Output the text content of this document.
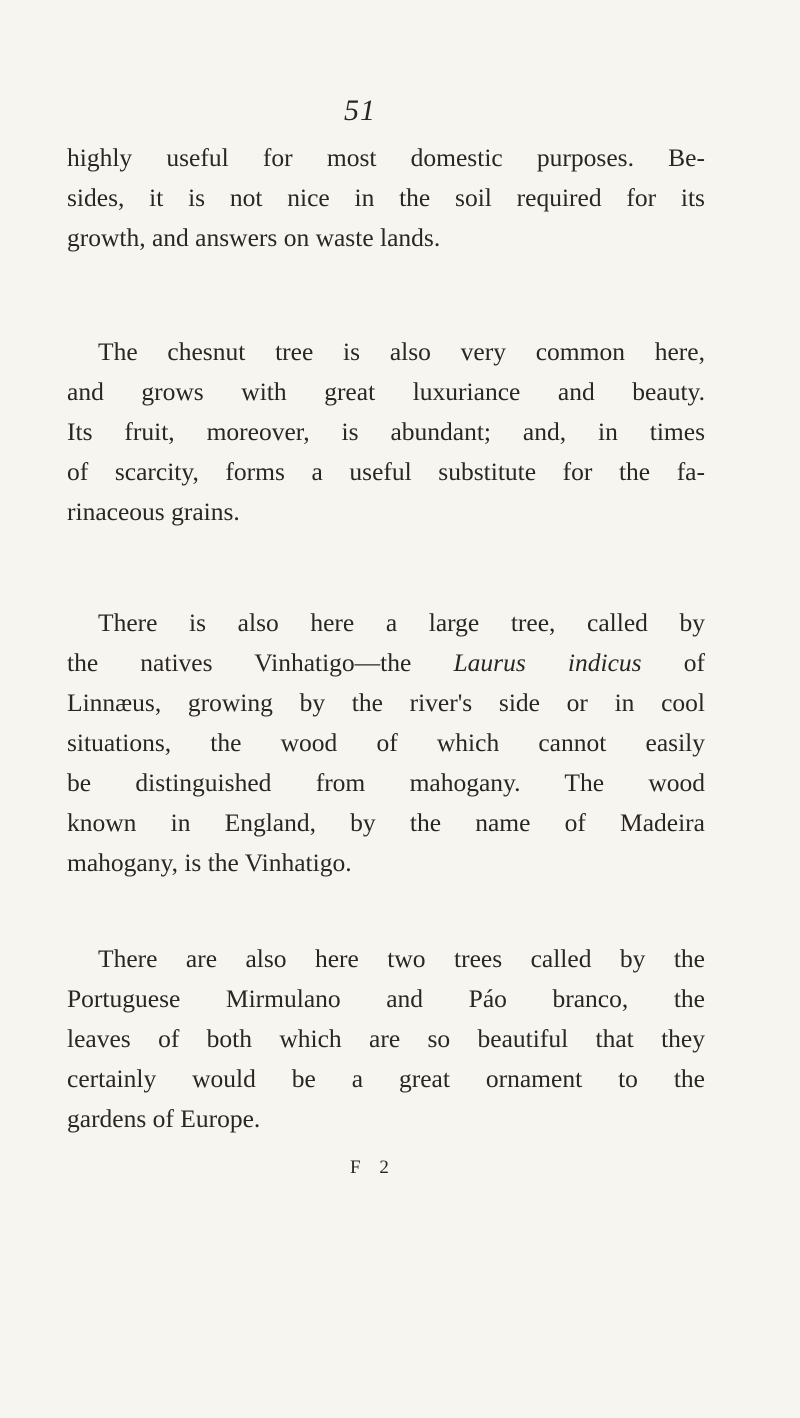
51
highly useful for most domestic purposes. Be-
sides, it is not nice in the soil required for its
growth, and answers on waste lands.
The chesnut tree is also very common here,
and grows with great luxuriance and beauty.
Its fruit, moreover, is abundant; and, in times
of scarcity, forms a useful substitute for the fa-
rinaceous grains.
There is also here a large tree, called by
the natives Vinhatigo—the Laurus indicus of
Linnæus, growing by the river's side or in cool
situations, the wood of which cannot easily
be distinguished from mahogany. The wood
known in England, by the name of Madeira
mahogany, is the Vinhatigo.
There are also here two trees called by the
Portuguese Mirmulano and Páo branco, the
leaves of both which are so beautiful that they
certainly would be a great ornament to the
gardens of Europe.
F 2
